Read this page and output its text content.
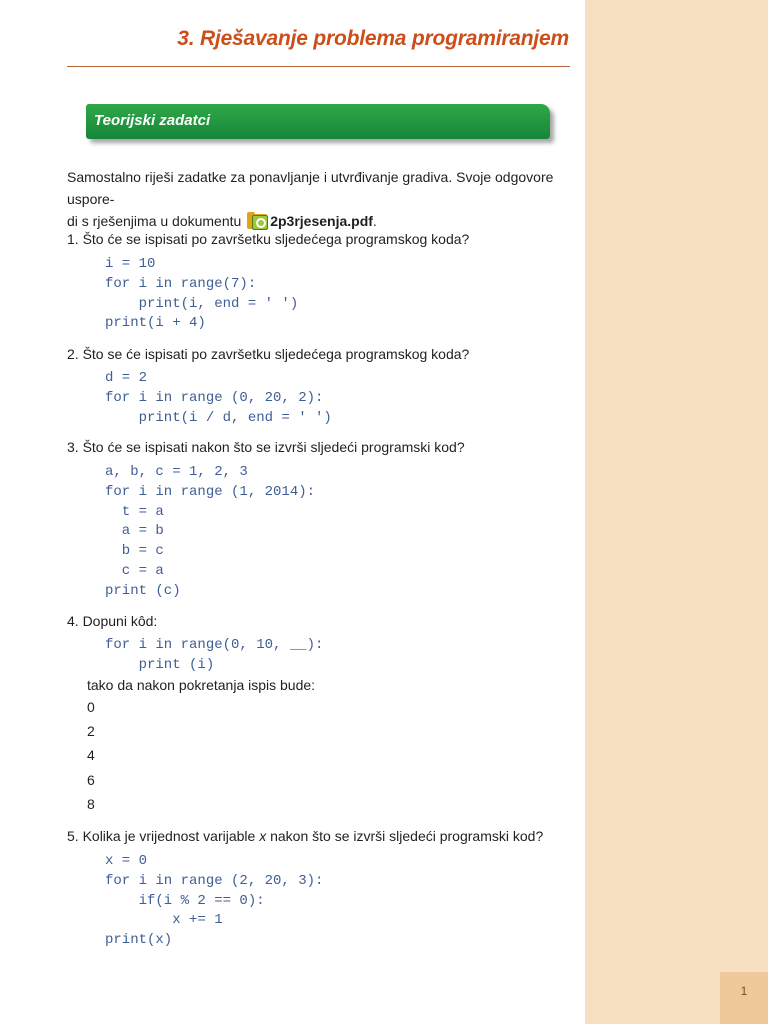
1
3. Rješavanje problema programiranjem
Teorijski zadatci
Samostalno riješi zadatke za ponavljanje i utvrđivanje gradiva. Svoje odgovore uspore-
di s rješenjima u dokumentu
2p3rjesenja.pdf.
1. Što će se ispisati po završetku sljedećega programskog koda?
i = 10
for i in range(7):
print(i, end = ' ')
print(i + 4)
2. Što se će ispisati po završetku sljedećega programskog koda?
d = 2
for i in range (0, 20, 2):
print(i / d, end = ' ')
3. Što će se ispisati nakon što se izvrši sljedeći programski kod?
a, b, c = 1, 2, 3
for i in range (1, 2014):
t = a
a = b
b = c
c = a
print (c)
4. Dopuni kôd:
for i in range(0, 10, __):
print (i)
tako da nakon pokretanja ispis bude:
0
2
4
6
8
5. Kolika je vrijednost varijable x nakon što se izvrši sljedeći programski kod?
x = 0
for i in range (2, 20, 3):
if(i % 2 == 0):
x += 1
print(x)
